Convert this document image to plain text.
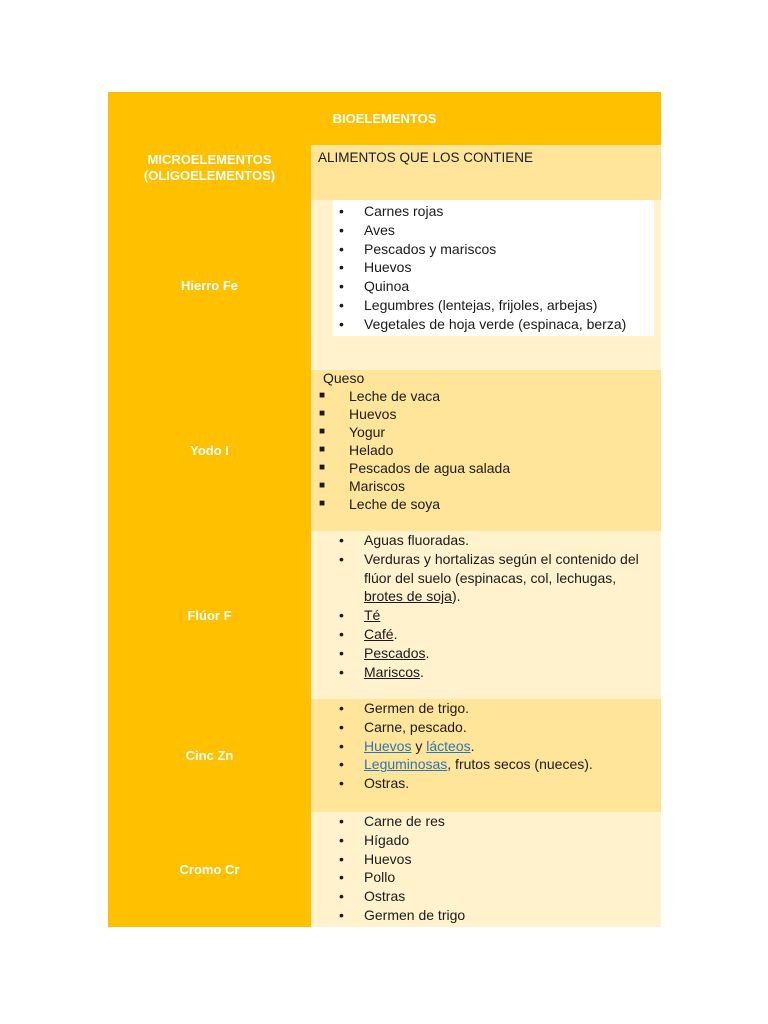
BIOELEMENTOS
MICROELEMENTOS (OLIGOELEMENTOS)
ALIMENTOS QUE LOS CONTIENE
Hierro Fe
• Carnes rojas
• Aves
• Pescados y mariscos
• Huevos
• Quinoa
• Legumbres (lentejas, frijoles, arbejas)
• Vegetales de hoja verde (espinaca, berza)
Yodo I
Queso
■ Leche de vaca
■ Huevos
■ Yogur
■ Helado
■ Pescados de agua salada
■ Mariscos
■ Leche de soya
Flúor F
• Aguas fluoradas.
• Verduras y hortalizas según el contenido del flúor del suelo (espinacas, col, lechugas, brotes de soja).
• Té
• Café.
• Pescados.
• Mariscos.
Cinc Zn
• Germen de trigo.
• Carne, pescado.
• Huevos y lácteos.
• Leguminosas, frutos secos (nueces).
• Ostras.
Cromo Cr
• Carne de res
• Hígado
• Huevos
• Pollo
• Ostras
• Germen de trigo
